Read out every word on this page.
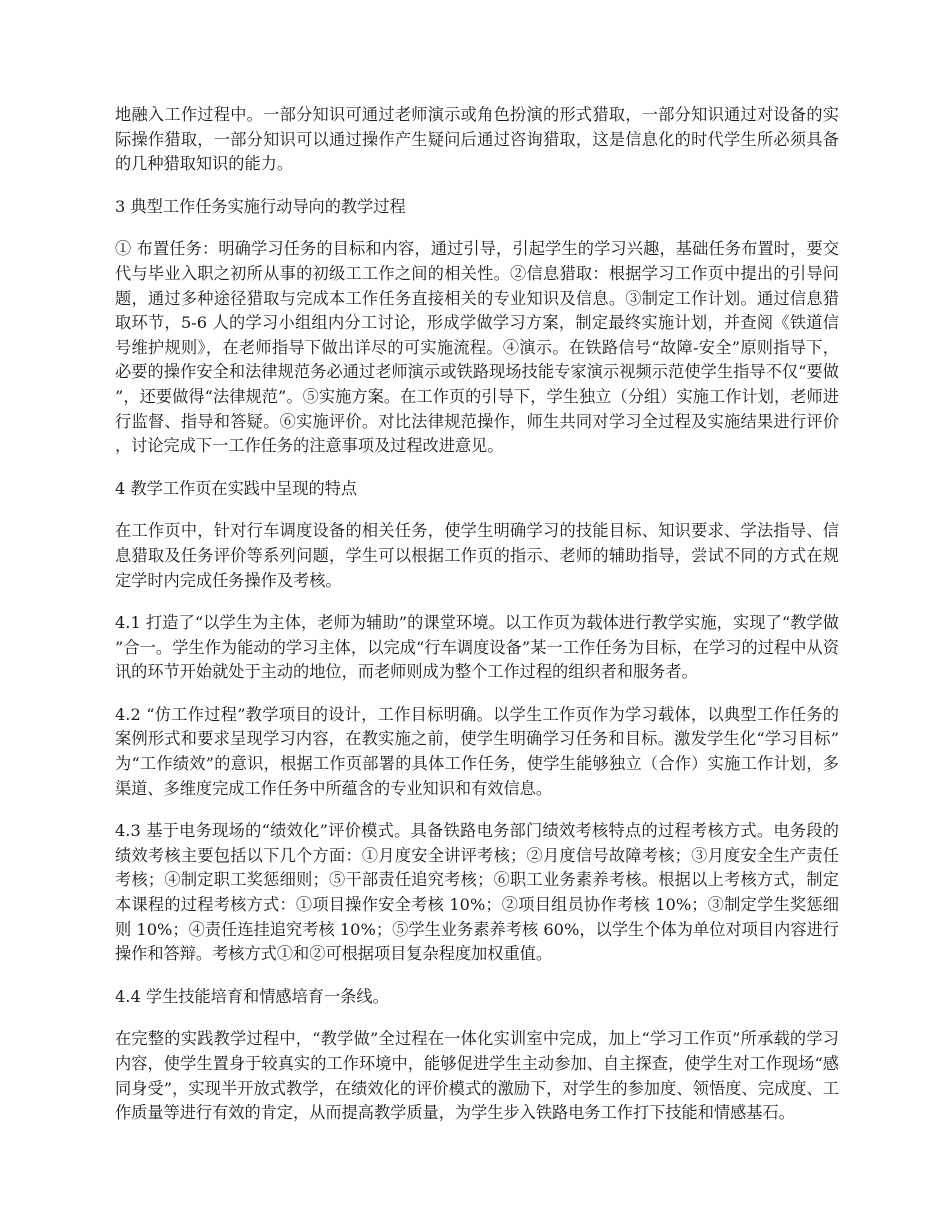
地融入工作过程中。一部分知识可通过老师演示或角色扮演的形式猎取，一部分知识通过对设备的实际操作猎取，一部分知识可以通过操作产生疑问后通过咨询猎取，这是信息化的时代学生所必须具备的几种猎取知识的能力。

3 典型工作任务实施行动导向的教学过程

① 布置任务：明确学习任务的目标和内容，通过引导，引起学生的学习兴趣，基础任务布置时，要交代与毕业入职之初所从事的初级工工作之间的相关性。②信息猎取：根据学习工作页中提出的引导问题，通过多种途径猎取与完成本工作任务直接相关的专业知识及信息。③制定工作计划。通过信息猎取环节，5-6 人的学习小组组内分工讨论，形成学做学习方案，制定最终实施计划，并查阅《铁道信号维护规则》，在老师指导下做出详尽的可实施流程。④演示。在铁路信号“故障-安全”原则指导下，必要的操作安全和法律规范务必通过老师演示或铁路现场技能专家演示视频示范使学生指导不仅“要做”，还要做得“法律规范”。⑤实施方案。在工作页的引导下，学生独立（分组）实施工作计划，老师进行监督、指导和答疑。⑥实施评价。对比法律规范操作，师生共同对学习全过程及实施结果进行评价，讨论完成下一工作任务的注意事项及过程改进意见。

4 教学工作页在实践中呈现的特点

在工作页中，针对行车调度设备的相关任务，使学生明确学习的技能目标、知识要求、学法指导、信息猎取及任务评价等系列问题，学生可以根据工作页的指示、老师的辅助指导，尝试不同的方式在规定学时内完成任务操作及考核。

4.1 打造了“以学生为主体，老师为辅助”的课堂环境。以工作页为载体进行教学实施，实现了“教学做”合一。学生作为能动的学习主体，以完成“行车调度设备”某一工作任务为目标，在学习的过程中从资讯的环节开始就处于主动的地位，而老师则成为整个工作过程的组织者和服务者。

4.2 “仿工作过程”教学项目的设计，工作目标明确。以学生工作页作为学习载体，以典型工作任务的案例形式和要求呈现学习内容，在教实施之前，使学生明确学习任务和目标。激发学生化“学习目标”为“工作绩效”的意识，根据工作页部署的具体工作任务，使学生能够独立（合作）实施工作计划，多渠道、多维度完成工作任务中所蕴含的专业知识和有效信息。

4.3 基于电务现场的“绩效化”评价模式。具备铁路电务部门绩效考核特点的过程考核方式。电务段的绩效考核主要包括以下几个方面：①月度安全讲评考核；②月度信号故障考核；③月度安全生产责任考核；④制定职工奖惩细则；⑤干部责任追究考核；⑥职工业务素养考核。根据以上考核方式，制定本课程的过程考核方式：①项目操作安全考核 10%；②项目组员协作考核 10%；③制定学生奖惩细则 10%；④责任连挂追究考核 10%；⑤学生业务素养考核 60%，以学生个体为单位对项目内容进行操作和答辩。考核方式①和②可根据项目复杂程度加权重值。

4.4 学生技能培育和情感培育一条线。

在完整的实践教学过程中，“教学做”全过程在一体化实训室中完成，加上“学习工作页”所承载的学习内容，使学生置身于较真实的工作环境中，能够促进学生主动参加、自主探查，使学生对工作现场“感同身受”，实现半开放式教学，在绩效化的评价模式的激励下，对学生的参加度、领悟度、完成度、工作质量等进行有效的肯定，从而提高教学质量，为学生步入铁路电务工作打下技能和情感基石。
